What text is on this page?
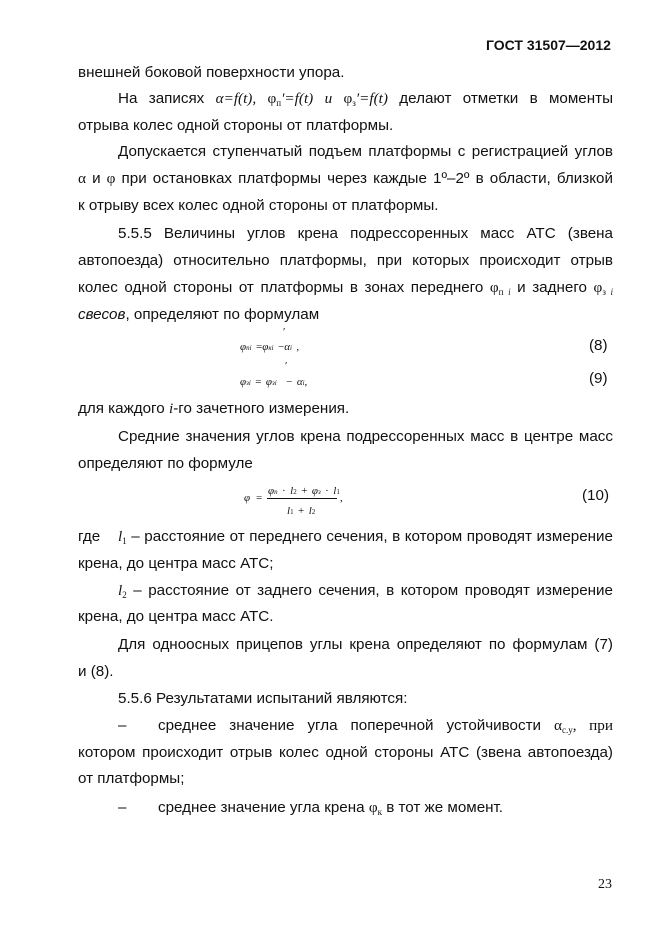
ГОСТ 31507—2012
внешней боковой поверхности упора.
На записях α=f(t), $\varphi_п'=f(t)$ и $\varphi_з'=f(t)$ делают отметки в моменты
отрыва колес одной стороны от платформы.
Допускается ступенчатый подъем платформы с регистрацией углов
α и φ при остановках платформы через каждые 1º–2º в области, близкой
к отрыву всех колес одной стороны от платформы.
5.5.5 Величины углов крена подрессоренных масс АТС (звена
автопоезда) относительно платформы, при которых происходит отрыв
колес одной стороны от платформы в зонах переднего $\varphi_{п i}$ и заднего $\varphi_{з i}$
свесов, определяют по формулам
φпi =φкi
′
−αi ,	(8)
φзi = φзi
′
− αi,	(9)
для каждого i-го зачетного измерения.
Средние значения углов крена подрессоренных масс в центре масс
определяют по формуле
φ =
φп · l2 + φз · l1
l1 + l2
,	(10)
где $l_1$ – расстояние от переднего сечения, в котором проводят измерение
крена, до центра масс АТС;
$l_2$ – расстояние от заднего сечения, в котором проводят измерение
крена, до центра масс АТС.
Для одноосных прицепов углы крена определяют по формулам (7)
и (8).
5.5.6 Результатами испытаний являются:
– среднее значение угла поперечной устойчивости $\alpha_{с.у}$, при
котором происходит отрыв колес одной стороны АТС (звена автопоезда)
от платформы;
– среднее значение угла крена $\varphi_к$ в тот же момент.
23
